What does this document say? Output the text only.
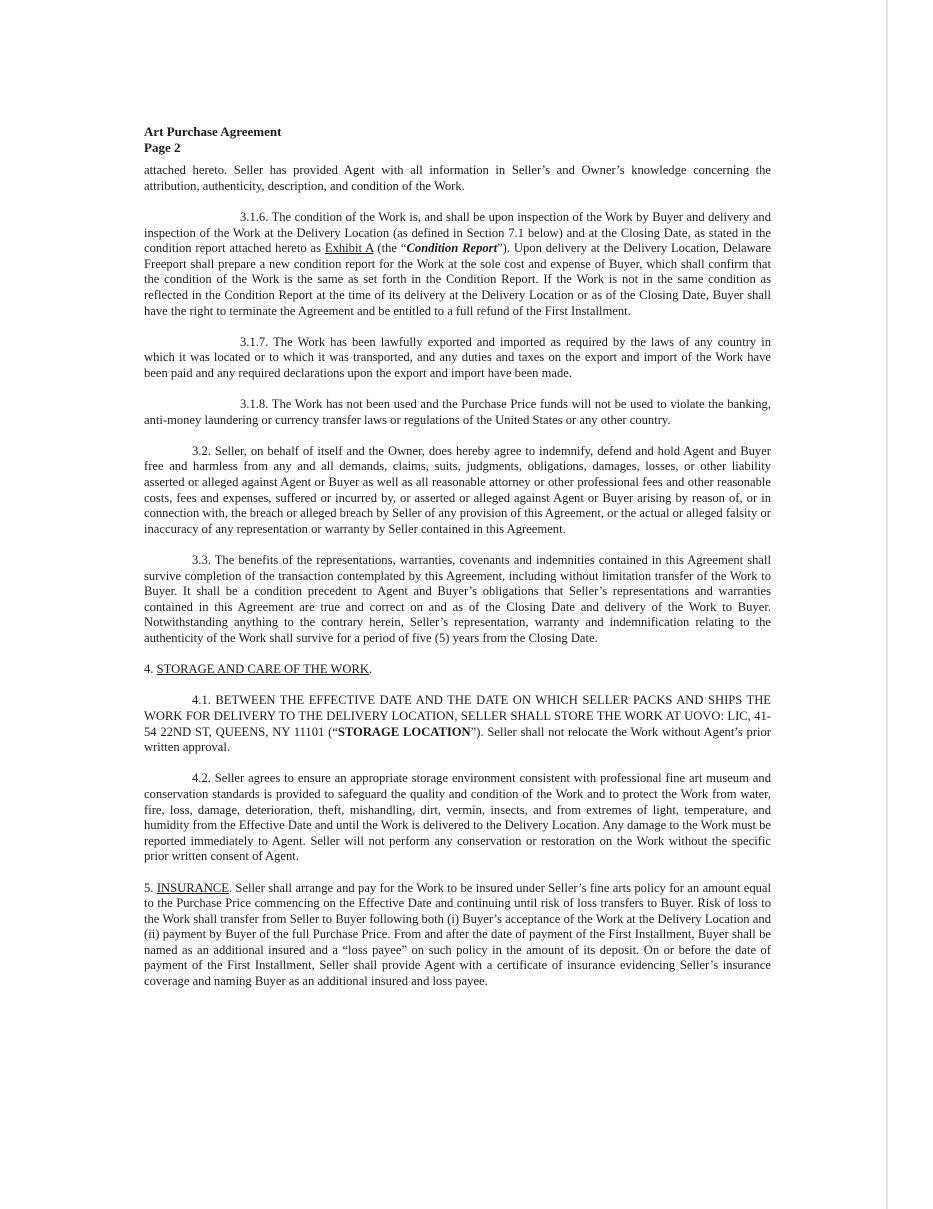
Art Purchase Agreement
Page 2

attached hereto. Seller has provided Agent with all information in Seller’s and Owner’s knowledge concerning the attribution, authenticity, description, and condition of the Work.

3.1.6. The condition of the Work is, and shall be upon inspection of the Work by Buyer and delivery and inspection of the Work at the Delivery Location (as defined in Section 7.1 below) and at the Closing Date, as stated in the condition report attached hereto as Exhibit A (the “Condition Report”). Upon delivery at the Delivery Location, Delaware Freeport shall prepare a new condition report for the Work at the sole cost and expense of Buyer, which shall confirm that the condition of the Work is the same as set forth in the Condition Report. If the Work is not in the same condition as reflected in the Condition Report at the time of its delivery at the Delivery Location or as of the Closing Date, Buyer shall have the right to terminate the Agreement and be entitled to a full refund of the First Installment.

3.1.7. The Work has been lawfully exported and imported as required by the laws of any country in which it was located or to which it was transported, and any duties and taxes on the export and import of the Work have been paid and any required declarations upon the export and import have been made.

3.1.8. The Work has not been used and the Purchase Price funds will not be used to violate the banking, anti-money laundering or currency transfer laws or regulations of the United States or any other country.

3.2. Seller, on behalf of itself and the Owner, does hereby agree to indemnify, defend and hold Agent and Buyer free and harmless from any and all demands, claims, suits, judgments, obligations, damages, losses, or other liability asserted or alleged against Agent or Buyer as well as all reasonable attorney or other professional fees and other reasonable costs, fees and expenses, suffered or incurred by, or asserted or alleged against Agent or Buyer arising by reason of, or in connection with, the breach or alleged breach by Seller of any provision of this Agreement, or the actual or alleged falsity or inaccuracy of any representation or warranty by Seller contained in this Agreement.

3.3. The benefits of the representations, warranties, covenants and indemnities contained in this Agreement shall survive completion of the transaction contemplated by this Agreement, including without limitation transfer of the Work to Buyer. It shall be a condition precedent to Agent and Buyer’s obligations that Seller’s representations and warranties contained in this Agreement are true and correct on and as of the Closing Date and delivery of the Work to Buyer. Notwithstanding anything to the contrary herein, Seller’s representation, warranty and indemnification relating to the authenticity of the Work shall survive for a period of five (5) years from the Closing Date.

4. STORAGE AND CARE OF THE WORK.

4.1. BETWEEN THE EFFECTIVE DATE AND THE DATE ON WHICH SELLER PACKS AND SHIPS THE WORK FOR DELIVERY TO THE DELIVERY LOCATION, SELLER SHALL STORE THE WORK AT UOVO: LIC, 41-54 22ND ST, QUEENS, NY 11101 (“STORAGE LOCATION”). Seller shall not relocate the Work without Agent’s prior written approval.

4.2. Seller agrees to ensure an appropriate storage environment consistent with professional fine art museum and conservation standards is provided to safeguard the quality and condition of the Work and to protect the Work from water, fire, loss, damage, deterioration, theft, mishandling, dirt, vermin, insects, and from extremes of light, temperature, and humidity from the Effective Date and until the Work is delivered to the Delivery Location. Any damage to the Work must be reported immediately to Agent. Seller will not perform any conservation or restoration on the Work without the specific prior written consent of Agent.

5. INSURANCE. Seller shall arrange and pay for the Work to be insured under Seller’s fine arts policy for an amount equal to the Purchase Price commencing on the Effective Date and continuing until risk of loss transfers to Buyer. Risk of loss to the Work shall transfer from Seller to Buyer following both (i) Buyer’s acceptance of the Work at the Delivery Location and (ii) payment by Buyer of the full Purchase Price. From and after the date of payment of the First Installment, Buyer shall be named as an additional insured and a “loss payee” on such policy in the amount of its deposit. On or before the date of payment of the First Installment, Seller shall provide Agent with a certificate of insurance evidencing Seller’s insurance coverage and naming Buyer as an additional insured and loss payee.
